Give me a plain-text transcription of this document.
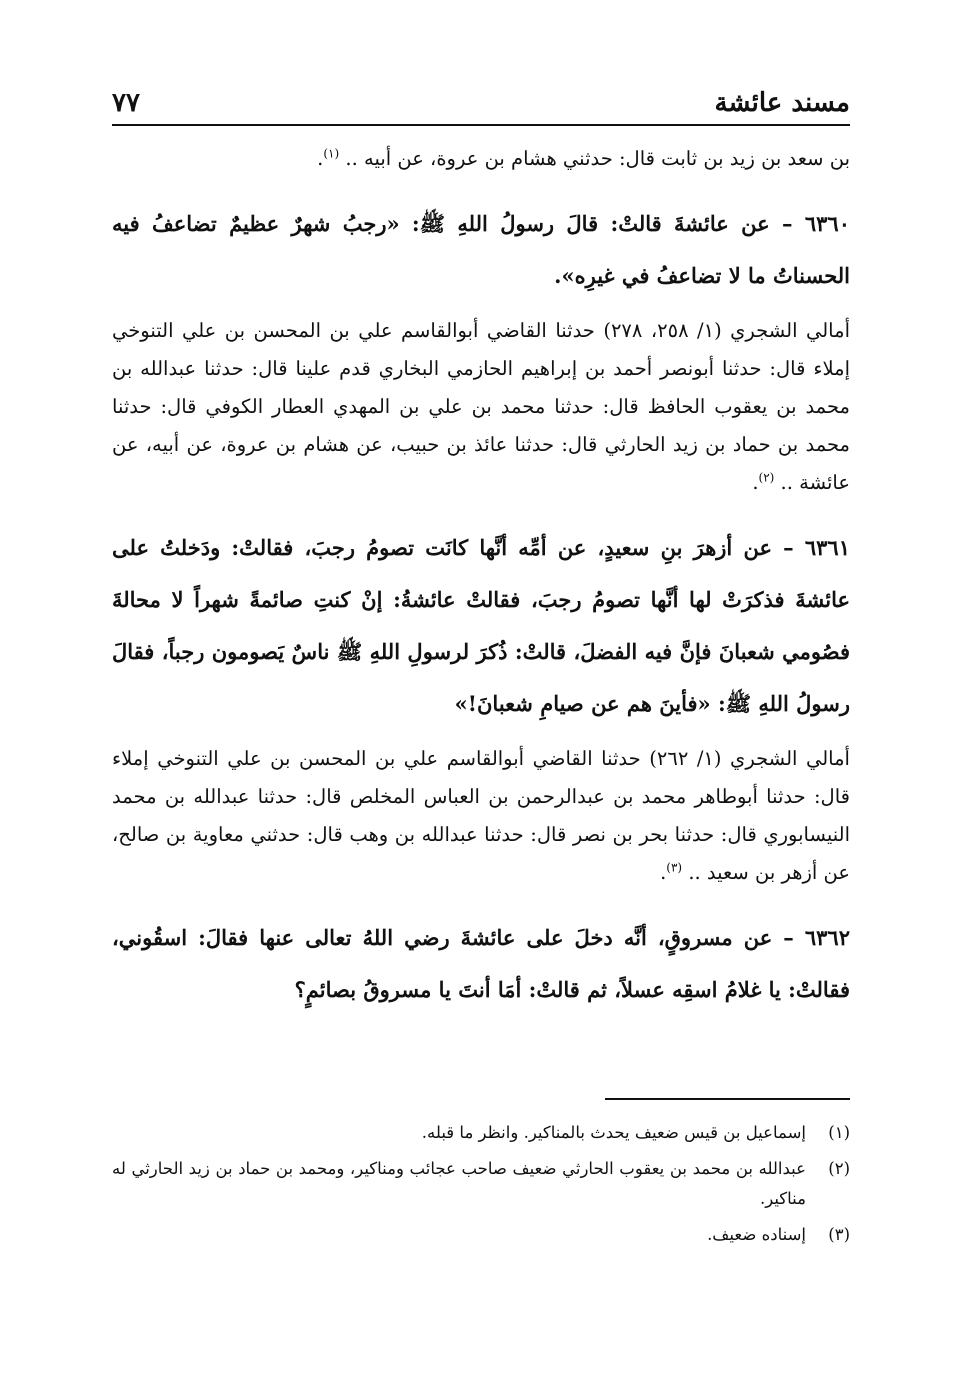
مسند عائشة
٧٧

بن سعد بن زيد بن ثابت قال: حدثني هشام بن عروة، عن أبيه .. $^{(١)}$.

٦٣٦٠ – عن عائشةَ قالتْ: قالَ رسولُ اللهِ ﷺ: «رجبُ شهرٌ عظيمٌ تضاعفُ فيه الحسناتُ ما لا تضاعفُ في غيرِه».

أمالي الشجري (١/ ٢٥٨، ٢٧٨) حدثنا القاضي أبوالقاسم علي بن المحسن بن علي التنوخي إملاء قال: حدثنا أبونصر أحمد بن إبراهيم الحازمي البخاري قدم علينا قال: حدثنا عبدالله بن محمد بن يعقوب الحافظ قال: حدثنا محمد بن علي بن المهدي العطار الكوفي قال: حدثنا محمد بن حماد بن زيد الحارثي قال: حدثنا عائذ بن حبيب، عن هشام بن عروة، عن أبيه، عن عائشة .. $^{(٢)}$.

٦٣٦١ – عن أزهرَ بنِ سعيدٍ، عن أمِّه أنَّها كانَت تصومُ رجبَ، فقالتْ: ودَخلتُ على عائشةَ فذكرَتْ لها أنَّها تصومُ رجبَ، فقالتْ عائشةُ: إنْ كنتِ صائمةً شهراً لا محالةَ فصُومي شعبانَ فإنَّ فيه الفضلَ، قالتْ: ذُكرَ لرسولِ اللهِ ﷺ ناسٌ يَصومون رجباً، فقالَ رسولُ اللهِ ﷺ: «فأينَ هم عن صيامِ شعبانَ!»

أمالي الشجري (١/ ٢٦٢) حدثنا القاضي أبوالقاسم علي بن المحسن بن علي التنوخي إملاء قال: حدثنا أبوطاهر محمد بن عبدالرحمن بن العباس المخلص قال: حدثنا عبدالله بن محمد النيسابوري قال: حدثنا بحر بن نصر قال: حدثنا عبدالله بن وهب قال: حدثني معاوية بن صالح، عن أزهر بن سعيد .. $^{(٣)}$.

٦٣٦٢ – عن مسروقٍ، أنَّه دخلَ على عائشةَ رضي اللهُ تعالى عنها فقالَ: اسقُوني، فقالتْ: يا غلامُ اسقِه عسلاً، ثم قالتْ: أمَا أنتَ يا مسروقُ بصائمٍ؟

(١)
إسماعيل بن قيس ضعيف يحدث بالمناكير. وانظر ما قبله.
(٢)
عبدالله بن محمد بن يعقوب الحارثي ضعيف صاحب عجائب ومناكير، ومحمد بن حماد بن زيد الحارثي له مناكير.
(٣)
إسناده ضعيف.
